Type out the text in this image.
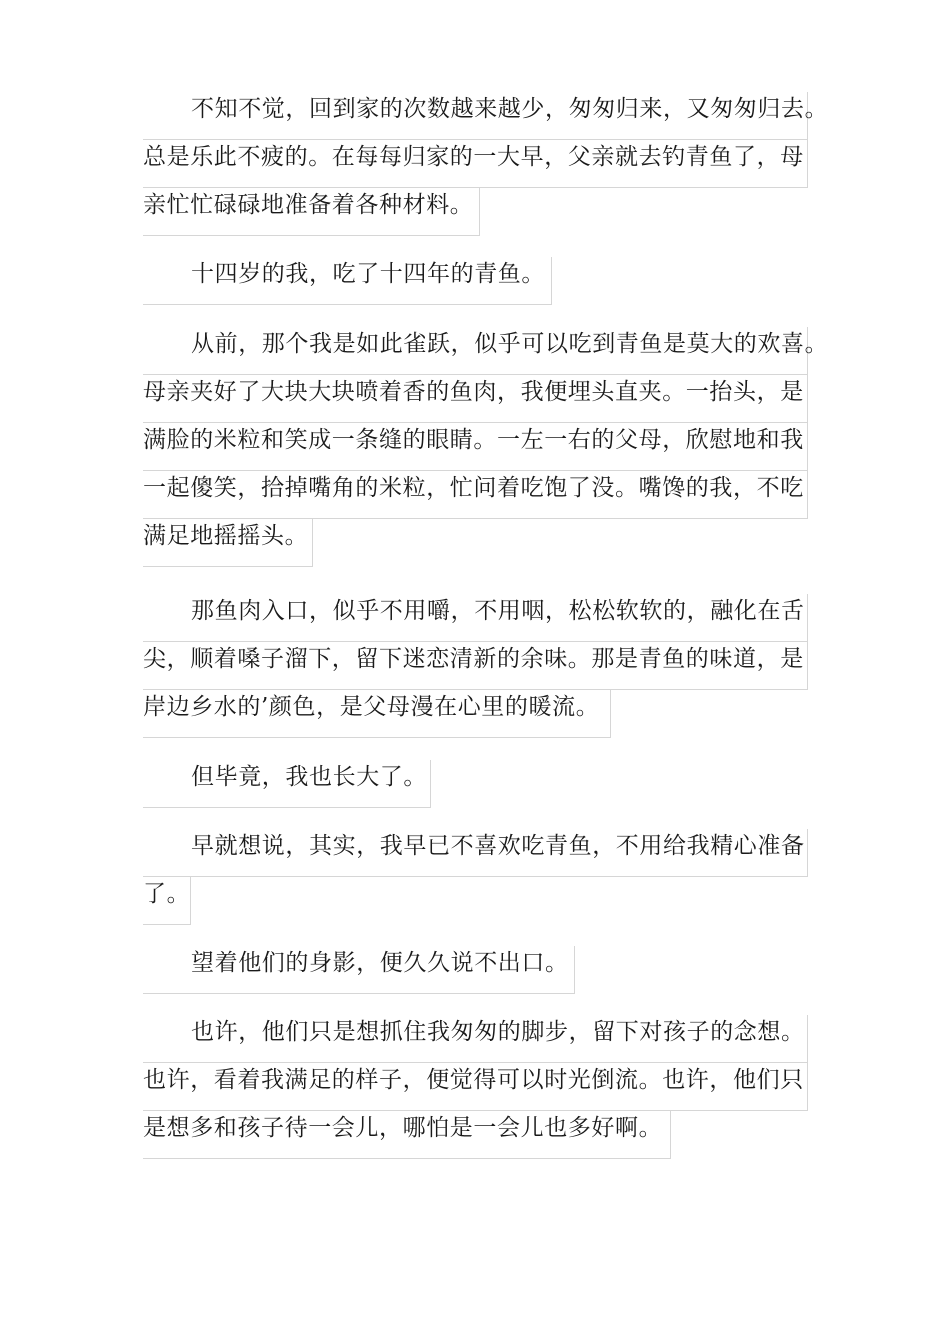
不知不觉，回到家的次数越来越少，匆匆归来，又匆匆归去。
总是乐此不疲的。在每每归家的一大早，父亲就去钓青鱼了，母
亲忙忙碌碌地准备着各种材料。
十四岁的我，吃了十四年的青鱼。
从前，那个我是如此雀跃，似乎可以吃到青鱼是莫大的欢喜。
母亲夹好了大块大块喷着香的鱼肉，我便埋头直夹。一抬头，是
满脸的米粒和笑成一条缝的眼睛。一左一右的父母，欣慰地和我
一起傻笑，拾掉嘴角的米粒，忙问着吃饱了没。嘴馋的我，不吃
满足地摇摇头。
那鱼肉入口，似乎不用嚼，不用咽，松松软软的，融化在舌
尖，顺着嗓子溜下，留下迷恋清新的余味。那是青鱼的味道，是
岸边乡水的’颜色，是父母漫在心里的暖流。
但毕竟，我也长大了。
早就想说，其实，我早已不喜欢吃青鱼，不用给我精心准备
了。
望着他们的身影，便久久说不出口。
也许，他们只是想抓住我匆匆的脚步，留下对孩子的念想。
也许，看着我满足的样子，便觉得可以时光倒流。也许，他们只
是想多和孩子待一会儿，哪怕是一会儿也多好啊。
